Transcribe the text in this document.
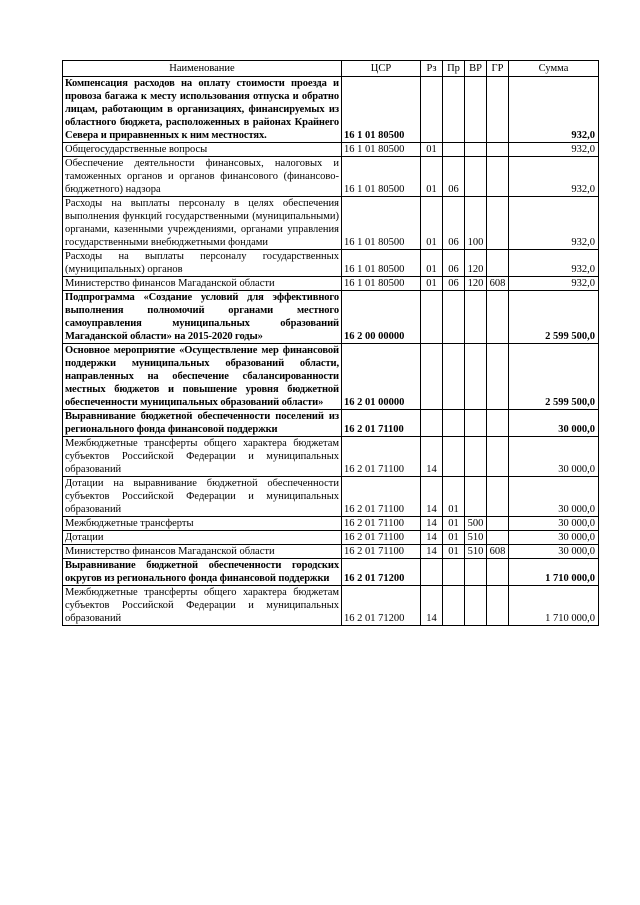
Наименование	ЦСР	Рз	Пр	ВР	ГР	Сумма
Компенсация расходов на оплату стоимости проезда и провоза багажа к месту использования отпуска и обратно лицам, работающим в организациях, финансируемых из областного бюджета, расположенных в районах Крайнего Севера и приравненных к ним местностях.	16 1 01 80500					932,0
Общегосударственные вопросы	16 1 01 80500	01				932,0
Обеспечение деятельности финансовых, налоговых и таможенных органов и органов финансового (финансово-бюджетного) надзора	16 1 01 80500	01	06			932,0
Расходы на выплаты персоналу в целях обеспечения выполнения функций государственными (муниципальными) органами, казенными учреждениями, органами управления государственными внебюджетными фондами	16 1 01 80500	01	06	100		932,0
Расходы на выплаты персоналу государственных (муниципальных) органов	16 1 01 80500	01	06	120		932,0
Министерство финансов Магаданской области	16 1 01 80500	01	06	120	608	932,0
Подпрограмма «Создание условий для эффективного выполнения полномочий органами местного самоуправления муниципальных образований Магаданской области» на 2015-2020 годы»	16 2 00 00000					2 599 500,0
Основное мероприятие «Осуществление мер финансовой поддержки муниципальных образований области, направленных на обеспечение сбалансированности местных бюджетов и повышение уровня бюджетной обеспеченности муниципальных образований области»	16 2 01 00000					2 599 500,0
Выравнивание бюджетной обеспеченности поселений из регионального фонда финансовой поддержки	16 2 01 71100					30 000,0
Межбюджетные трансферты общего характера бюджетам субъектов Российской Федерации и муниципальных образований	16 2 01 71100	14				30 000,0
Дотации на выравнивание бюджетной обеспеченности субъектов Российской Федерации и муниципальных образований	16 2 01 71100	14	01			30 000,0
Межбюджетные трансферты	16 2 01 71100	14	01	500		30 000,0
Дотации	16 2 01 71100	14	01	510		30 000,0
Министерство финансов Магаданской области	16 2 01 71100	14	01	510	608	30 000,0
Выравнивание бюджетной обеспеченности городских округов из регионального фонда финансовой поддержки	16 2 01 71200					1 710 000,0
Межбюджетные трансферты общего характера бюджетам субъектов Российской Федерации и муниципальных образований	16 2 01 71200	14				1 710 000,0
